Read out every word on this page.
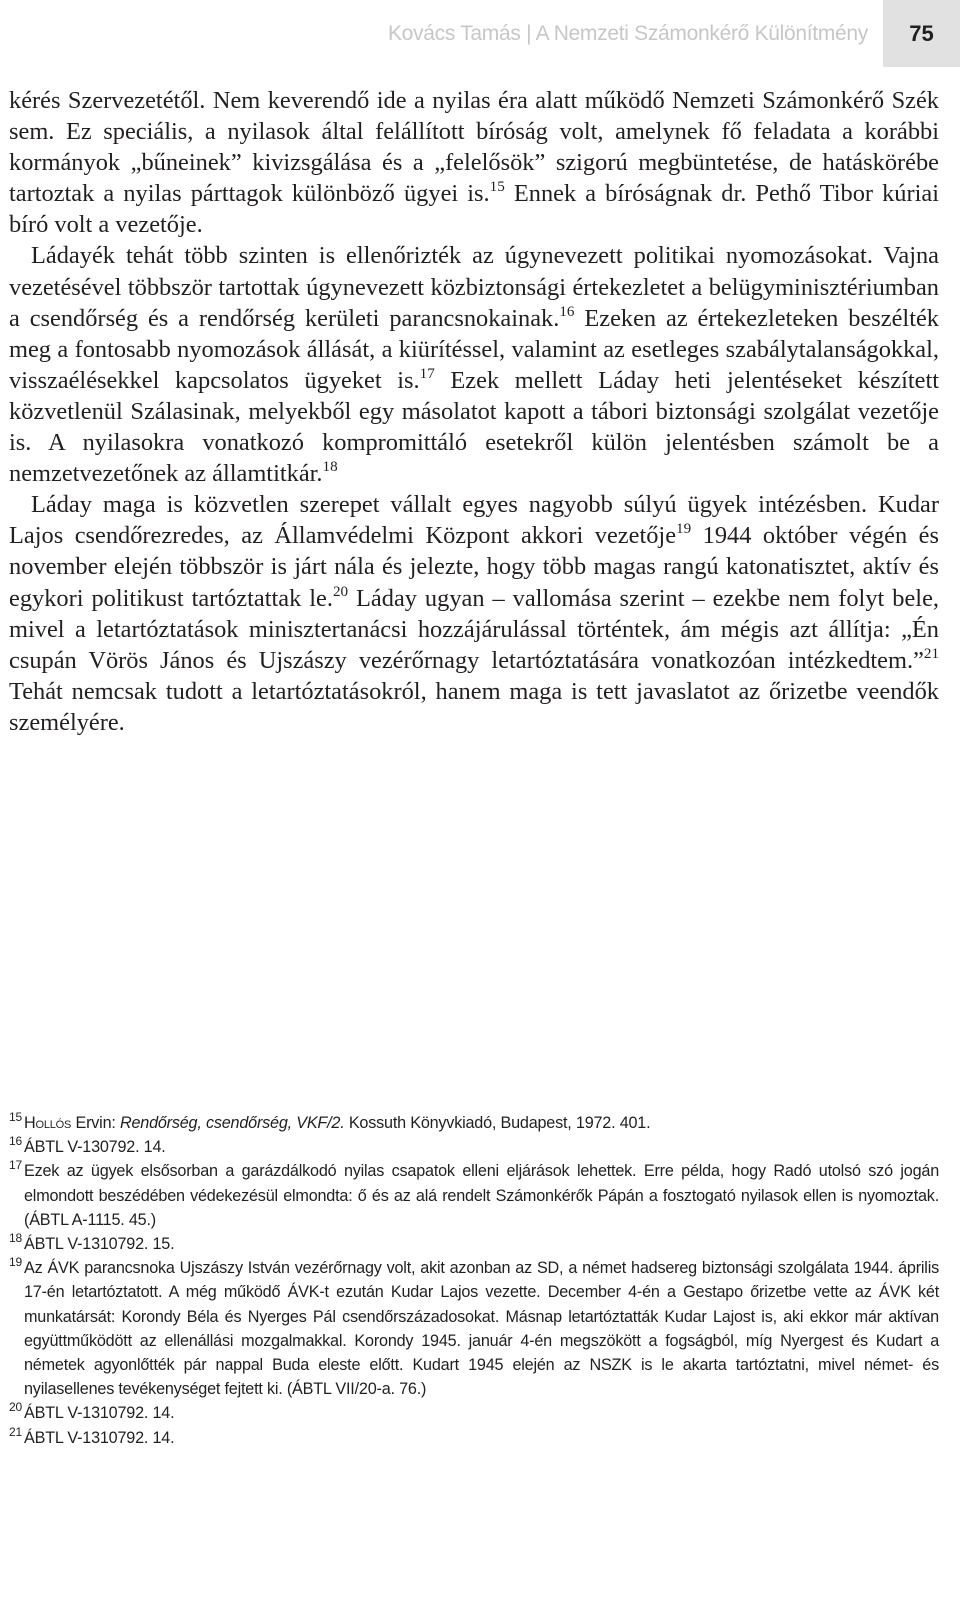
Kovács Tamás | A Nemzeti Számonkérő Különítmény	75

kérés Szervezetétől. Nem keverendő ide a nyilas éra alatt működő Nemzeti Számonkérő Szék sem. Ez speciális, a nyilasok által felállított bíróság volt, amelynek fő feladata a korábbi kormányok „bűneinek” kivizsgálása és a „felelősök” szigorú megbüntetése, de hatáskörébe tartoztak a nyilas párttagok különböző ügyei is.$^{15}$ Ennek a bíróságnak dr. Pethő Tibor kúriai bíró volt a vezetője.

Ládayék tehát több szinten is ellenőrizték az úgynevezett politikai nyomozásokat. Vajna vezetésével többször tartottak úgynevezett közbiztonsági értekezletet a belügyminisztériumban a csendőrség és a rendőrség kerületi parancsnokainak.$^{16}$ Ezeken az értekezleteken beszélték meg a fontosabb nyomozások állását, a kiürítéssel, valamint az esetleges szabálytalanságokkal, visszaélésekkel kapcsolatos ügyeket is.$^{17}$ Ezek mellett Láday heti jelentéseket készített közvetlenül Szálasinak, melyekből egy másolatot kapott a tábori biztonsági szolgálat vezetője is. A nyilasokra vonatkozó kompromittáló esetekről külön jelentésben számolt be a nemzetvezetőnek az államtitkár.$^{18}$

Láday maga is közvetlen szerepet vállalt egyes nagyobb súlyú ügyek intézésben. Kudar Lajos csendőrezredes, az Államvédelmi Központ akkori vezetője$^{19}$ 1944 október végén és november elején többször is járt nála és jelezte, hogy több magas rangú katonatisztet, aktív és egykori politikust tartóztattak le.$^{20}$ Láday ugyan – vallomása szerint – ezekbe nem folyt bele, mivel a letartóztatások minisztertanácsi hozzájárulással történtek, ám mégis azt állítja: „Én csupán Vörös János és Ujszászy vezérőrnagy letartóztatására vonatkozóan intézkedtem.”$^{21}$ Tehát nemcsak tudott a letartóztatásokról, hanem maga is tett javaslatot az őrizetbe veendők személyére.

15 Hollós Ervin: Rendőrség, csendőrség, VKF/2. Kossuth Könyvkiadó, Budapest, 1972. 401.
16 ÁBTL V-130792. 14.
17 Ezek az ügyek elsősorban a garázdálkodó nyilas csapatok elleni eljárások lehettek. Erre példa, hogy Radó utolsó szó jogán elmondott beszédében védekezésül elmondta: ő és az alá rendelt Számonkérők Pápán a fosztogató nyilasok ellen is nyomoztak. (ÁBTL A-1115. 45.)
18 ÁBTL V-1310792. 15.
19 Az ÁVK parancsnoka Ujszászy István vezérőrnagy volt, akit azonban az SD, a német hadsereg biztonsági szolgálata 1944. április 17-én letartóztatott. A még működő ÁVK-t ezután Kudar Lajos vezette. December 4-én a Gestapo őrizetbe vette az ÁVK két munkatársát: Korondy Béla és Nyerges Pál csendőrszázadosokat. Másnap letartóztatták Kudar Lajost is, aki ekkor már aktívan együttműködött az ellenállási mozgalmakkal. Korondy 1945. január 4-én megszökött a fogságból, míg Nyergest és Kudart a németek agyonlőtték pár nappal Buda eleste előtt. Kudart 1945 elején az NSZK is le akarta tartóztatni, mivel német- és nyilasellenes tevékenységet fejtett ki. (ÁBTL VII/20-a. 76.)
20 ÁBTL V-1310792. 14.
21 ÁBTL V-1310792. 14.
